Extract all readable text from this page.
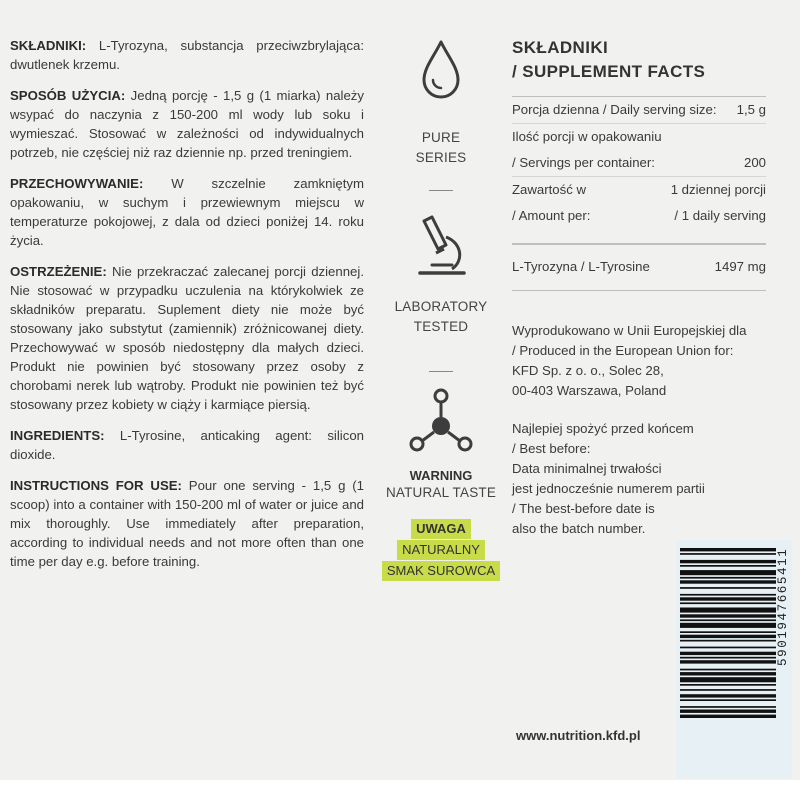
SKŁADNIKI: L-Tyrozyna, substancja przeciwzbrylająca: dwutlenek krzemu.

SPOSÓB UŻYCIA: Jedną porcję - 1,5 g (1 miarka) należy wsypać do naczynia z 150-200 ml wody lub soku i wymieszać. Stosować w zależności od indywidualnych potrzeb, nie częściej niż raz dziennie np. przed treningiem.

PRZECHOWYWANIE: W szczelnie zamkniętym opakowaniu, w suchym i przewiewnym miejscu w temperaturze pokojowej, z dala od dzieci poniżej 14. roku życia.

OSTRZEŻENIE: Nie przekraczać zalecanej porcji dziennej. Nie stosować w przypadku uczulenia na którykolwiek ze składników preparatu. Suplement diety nie może być stosowany jako substytut (zamiennik) zróżnicowanej diety. Przechowywać w sposób niedostępny dla małych dzieci. Produkt nie powinien być stosowany przez osoby z chorobami nerek lub wątroby. Produkt nie powinien też być stosowany przez kobiety w ciąży i karmiące piersią.

INGREDIENTS: L-Tyrosine, anticaking agent: silicon dioxide.

INSTRUCTIONS FOR USE: Pour one serving - 1,5 g (1 scoop) into a container with 150-200 ml of water or juice and mix thoroughly. Use immediately after preparation, according to individual needs and not more often than one time per day e.g. before training.

PURE
SERIES
LABORATORY
TESTED
WARNING
NATURAL TASTE
UWAGA
NATURALNY
SMAK SUROWCA
SKŁADNIKI
/ SUPPLEMENT FACTS
Porcja dzienna / Daily serving size: 1,5 g
Ilość porcji w opakowaniu
/ Servings per container:	200
Zawartość w	1 dziennej porcji
/ Amount per:	/ 1 daily serving
L-Tyrozyna / L-Tyrosine	1497 mg
Wyprodukowano w Unii Europejskiej dla
/ Produced in the European Union for:
KFD Sp. z o. o., Solec 28,
00-403 Warszawa, Poland
Najlepiej spożyć przed końcem
/ Best before:
Data minimalnej trwałości
jest jednocześnie numerem partii
/ The best-before date is
also the batch number.
www.nutrition.kfd.pl
5901947665411
